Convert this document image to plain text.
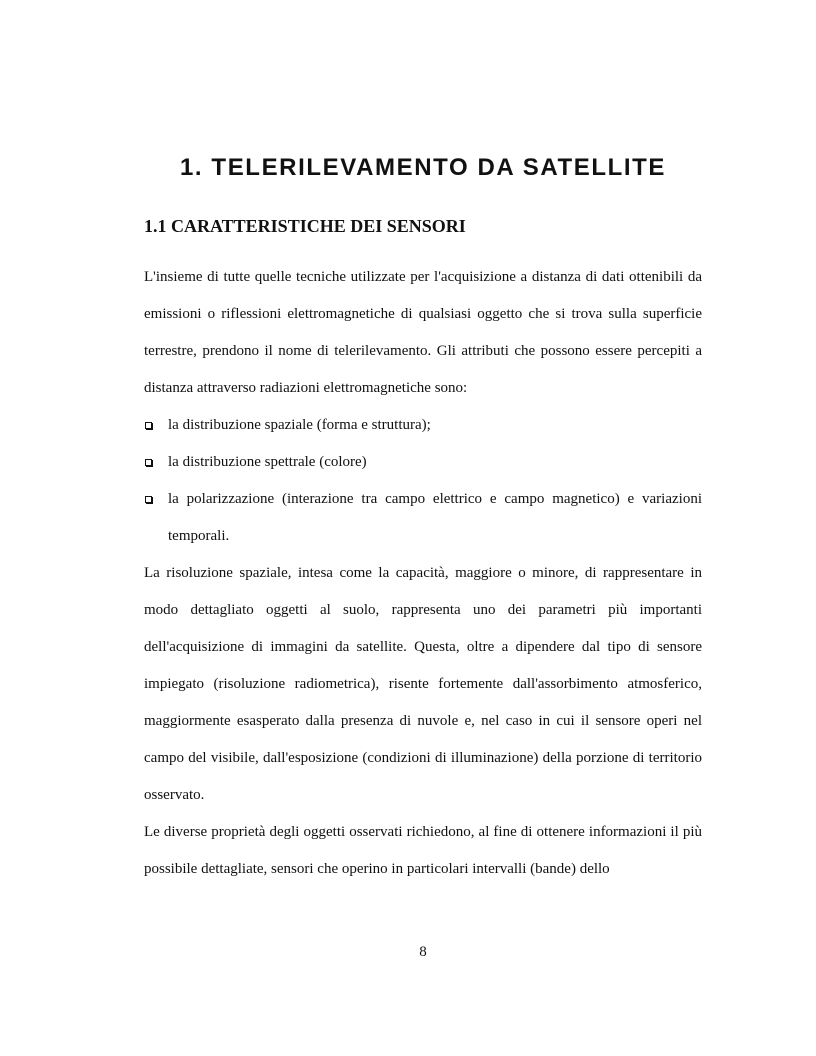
1. TELERILEVAMENTO DA SATELLITE
1.1 CARATTERISTICHE DEI SENSORI

L'insieme di tutte quelle tecniche utilizzate per l'acquisizione a distanza di dati ottenibili da emissioni o riflessioni elettromagnetiche di qualsiasi oggetto che si trova sulla superficie terrestre, prendono il nome di telerilevamento. Gli attributi che possono essere percepiti a distanza attraverso radiazioni elettromagnetiche sono:

la distribuzione spaziale (forma e struttura);
la distribuzione spettrale (colore)
la polarizzazione (interazione tra campo elettrico e campo magnetico) e variazioni temporali.

La risoluzione spaziale, intesa come la capacità, maggiore o minore, di rappresentare in modo dettagliato oggetti al suolo, rappresenta uno dei parametri più importanti dell'acquisizione di immagini da satellite. Questa, oltre a dipendere dal tipo di sensore impiegato (risoluzione radiometrica), risente fortemente dall'assorbimento atmosferico, maggiormente esasperato dalla presenza di nuvole e, nel caso in cui il sensore operi nel campo del visibile, dall'esposizione (condizioni di illuminazione) della porzione di territorio osservato.

Le diverse proprietà degli oggetti osservati richiedono, al fine di ottenere informazioni il più possibile dettagliate, sensori che operino in particolari intervalli (bande) dello

8
